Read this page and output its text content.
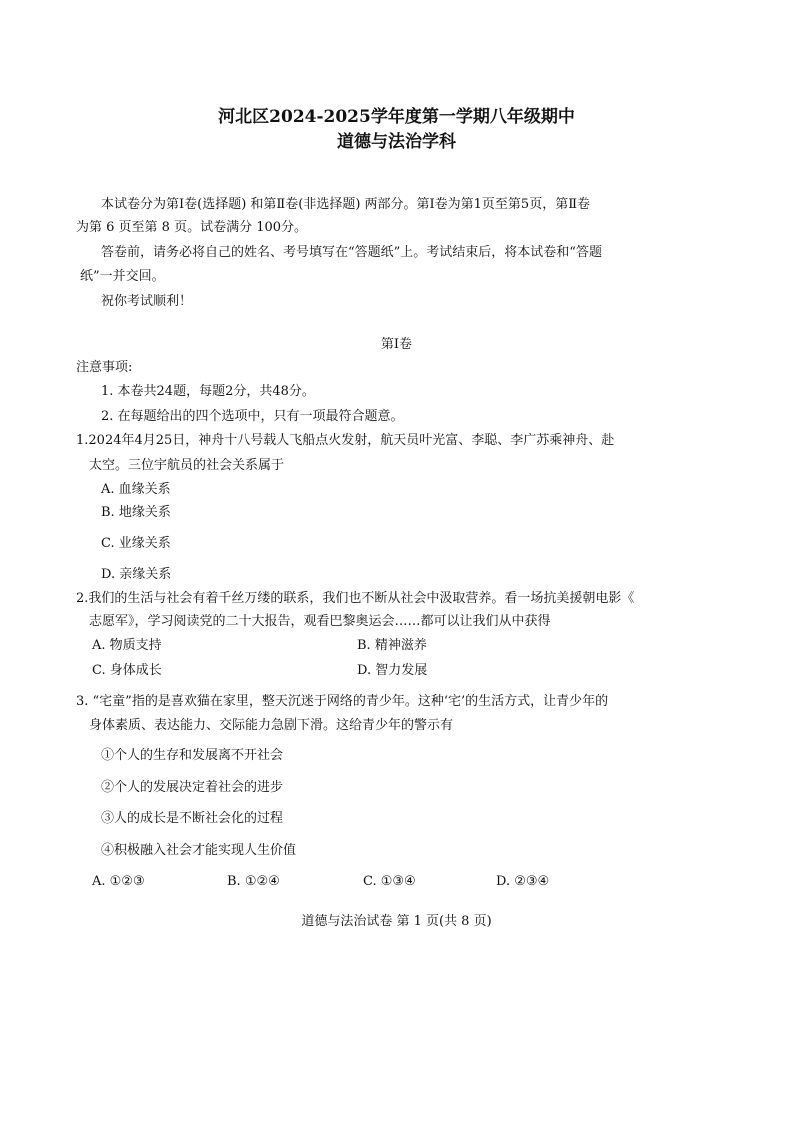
河北区2024-2025学年度第一学期八年级期中
道德与法治学科
本试卷分为第Ⅰ卷(选择题) 和第Ⅱ卷(非选择题) 两部分。第Ⅰ卷为第1页至第5页，第Ⅱ卷
为第 6 页至第 8 页。试卷满分 100分。
答卷前，请务必将自己的姓名、考号填写在“答题纸”上。考试结束后，将本试卷和“答题
纸”一并交回。
祝你考试顺利！
第Ⅰ卷
注意事项:
1. 本卷共24题，每题2分，共48分。
2. 在每题给出的四个选项中，只有一项最符合题意。
1.2024年4月25日，神舟十八号载人飞船点火发射，航天员叶光富、李聪、李广苏乘神舟、赴
太空。三位宇航员的社会关系属于
A. 血缘关系
B. 地缘关系
C. 业缘关系
D. 亲缘关系
2.我们的生活与社会有着千丝万缕的联系，我们也不断从社会中汲取营养。看一场抗美援朝电影《
志愿军》，学习阅读党的二十大报告，观看巴黎奥运会……都可以让我们从中获得
A. 物质支持	B. 精神滋养
C. 身体成长	D. 智力发展
3. “宅童”指的是喜欢猫在家里，整天沉迷于网络的青少年。这种‘宅’的生活方式，让青少年的
身体素质、表达能力、交际能力急剧下滑。这给青少年的警示有
①个人的生存和发展离不开社会
②个人的发展决定着社会的进步
③人的成长是不断社会化的过程
④积极融入社会才能实现人生价值
A. ①②③	B. ①②④	C. ①③④	D. ②③④
道德与法治试卷 第 1 页(共 8 页)
